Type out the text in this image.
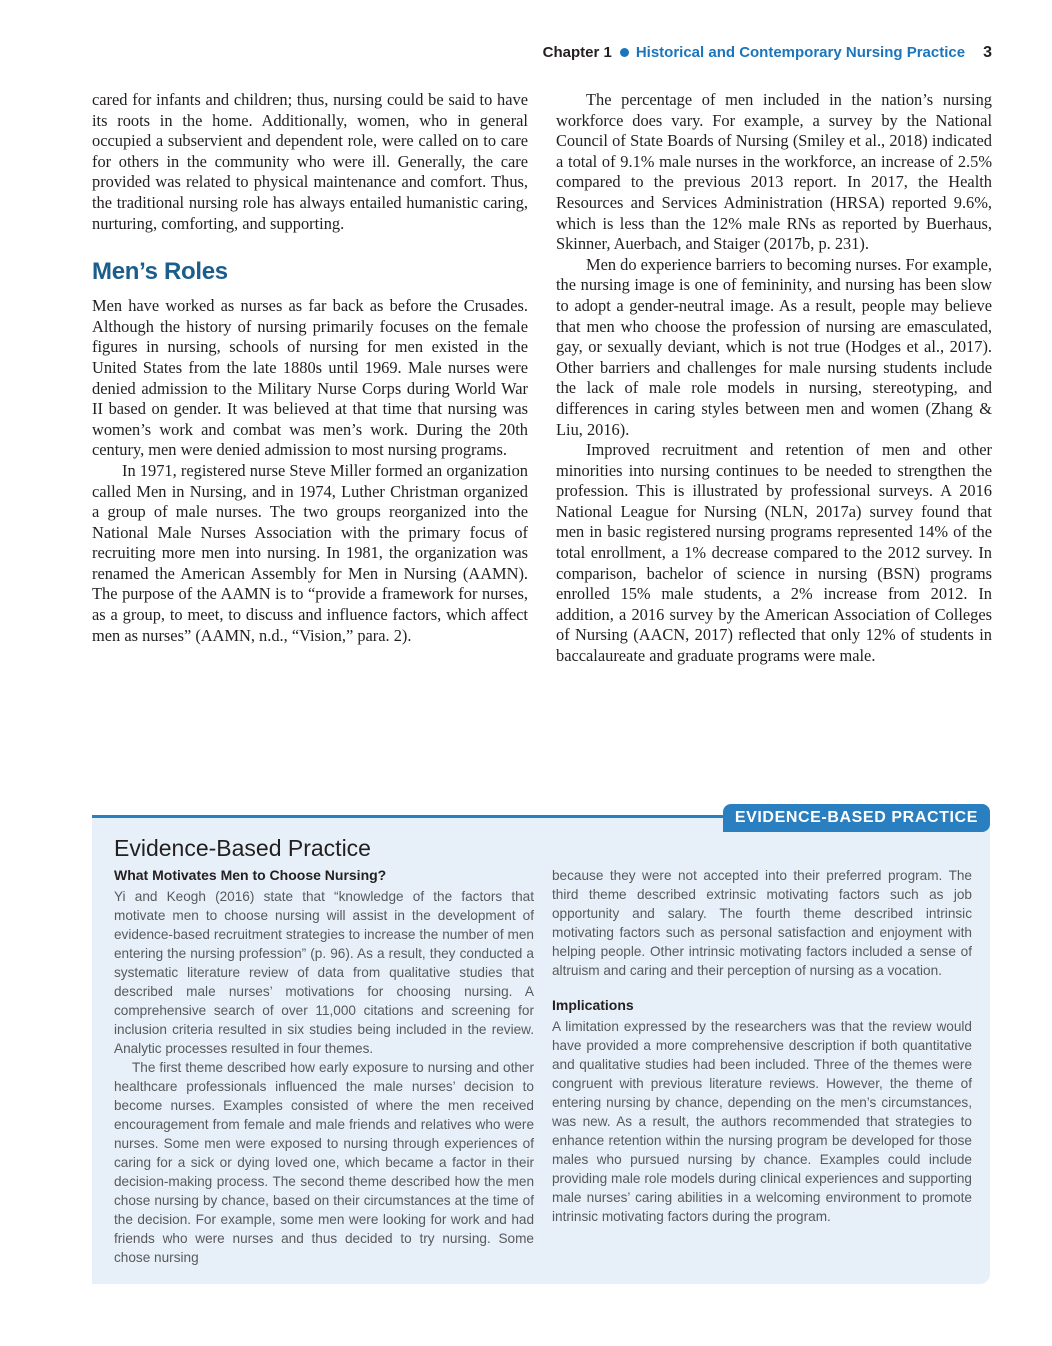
Chapter 1 Historical and Contemporary Nursing Practice 3

cared for infants and children; thus, nursing could be said to have its roots in the home. Additionally, women, who in general occupied a subservient and dependent role, were called on to care for others in the community who were ill. Generally, the care provided was related to physical maintenance and comfort. Thus, the traditional nursing role has always entailed humanistic caring, nurturing, comforting, and supporting.

Men’s Roles

Men have worked as nurses as far back as before the Crusades. Although the history of nursing primarily focuses on the female figures in nursing, schools of nursing for men existed in the United States from the late 1880s until 1969. Male nurses were denied admission to the Military Nurse Corps during World War II based on gender. It was believed at that time that nursing was women’s work and combat was men’s work. During the 20th century, men were denied admission to most nursing programs.

In 1971, registered nurse Steve Miller formed an organization called Men in Nursing, and in 1974, Luther Christman organized a group of male nurses. The two groups reorganized into the National Male Nurses Association with the primary focus of recruiting more men into nursing. In 1981, the organization was renamed the American Assembly for Men in Nursing (AAMN). The purpose of the AAMN is to “provide a framework for nurses, as a group, to meet, to discuss and influence factors, which affect men as nurses” (AAMN, n.d., “Vision,” para. 2).

The percentage of men included in the nation’s nursing workforce does vary. For example, a survey by the National Council of State Boards of Nursing (Smiley et al., 2018) indicated a total of 9.1% male nurses in the workforce, an increase of 2.5% compared to the previous 2013 report. In 2017, the Health Resources and Services Administration (HRSA) reported 9.6%, which is less than the 12% male RNs as reported by Buerhaus, Skinner, Auerbach, and Staiger (2017b, p. 231).

Men do experience barriers to becoming nurses. For example, the nursing image is one of femininity, and nursing has been slow to adopt a gender-neutral image. As a result, people may believe that men who choose the profession of nursing are emasculated, gay, or sexually deviant, which is not true (Hodges et al., 2017). Other barriers and challenges for male nursing students include the lack of male role models in nursing, stereotyping, and differences in caring styles between men and women (Zhang & Liu, 2016).

Improved recruitment and retention of men and other minorities into nursing continues to be needed to strengthen the profession. This is illustrated by professional surveys. A 2016 National League for Nursing (NLN, 2017a) survey found that men in basic registered nursing programs represented 14% of the total enrollment, a 1% decrease compared to the 2012 survey. In comparison, bachelor of science in nursing (BSN) programs enrolled 15% male students, a 2% increase from 2012. In addition, a 2016 survey by the American Association of Colleges of Nursing (AACN, 2017) reflected that only 12% of students in baccalaureate and graduate programs were male.

EVIDENCE-BASED PRACTICE
Evidence-Based Practice
What Motivates Men to Choose Nursing?

Yi and Keogh (2016) state that “knowledge of the factors that motivate men to choose nursing will assist in the development of evidence-based recruitment strategies to increase the number of men entering the nursing profession” (p. 96). As a result, they conducted a systematic literature review of data from qualitative studies that described male nurses’ motivations for choosing nursing. A comprehensive search of over 11,000 citations and screening for inclusion criteria resulted in six studies being included in the review. Analytic processes resulted in four themes.

The first theme described how early exposure to nursing and other healthcare professionals influenced the male nurses’ decision to become nurses. Examples consisted of where the men received encouragement from female and male friends and relatives who were nurses. Some men were exposed to nursing through experiences of caring for a sick or dying loved one, which became a factor in their decision-making process. The second theme described how the men chose nursing by chance, based on their circumstances at the time of the decision. For example, some men were looking for work and had friends who were nurses and thus decided to try nursing. Some chose nursing

because they were not accepted into their preferred program. The third theme described extrinsic motivating factors such as job opportunity and salary. The fourth theme described intrinsic motivating factors such as personal satisfaction and enjoyment with helping people. Other intrinsic motivating factors included a sense of altruism and caring and their perception of nursing as a vocation.

Implications

A limitation expressed by the researchers was that the review would have provided a more comprehensive description if both quantitative and qualitative studies had been included. Three of the themes were congruent with previous literature reviews. However, the theme of entering nursing by chance, depending on the men’s circumstances, was new. As a result, the authors recommended that strategies to enhance retention within the nursing program be developed for those males who pursued nursing by chance. Examples could include providing male role models during clinical experiences and supporting male nurses’ caring abilities in a welcoming environment to promote intrinsic motivating factors during the program.
